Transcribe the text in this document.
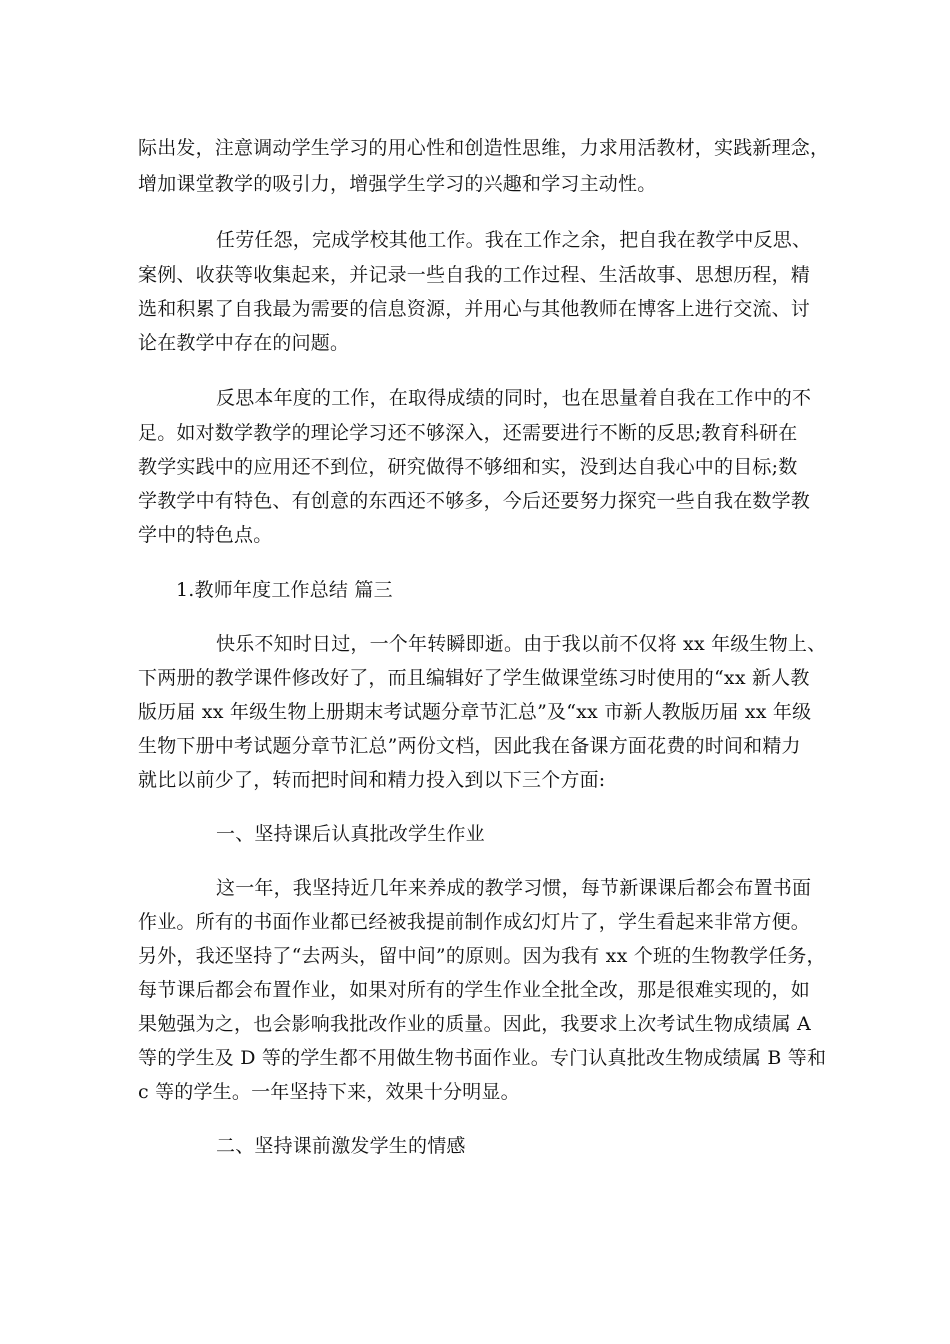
际出发，注意调动学生学习的用心性和创造性思维，力求用活教材，实践新理念，
增加课堂教学的吸引力，增强学生学习的兴趣和学习主动性。
任劳任怨，完成学校其他工作。我在工作之余，把自我在教学中反思、
案例、收获等收集起来，并记录一些自我的工作过程、生活故事、思想历程，精
选和积累了自我最为需要的信息资源，并用心与其他教师在博客上进行交流、讨
论在教学中存在的问题。
反思本年度的工作，在取得成绩的同时，也在思量着自我在工作中的不
足。如对数学教学的理论学习还不够深入，还需要进行不断的反思;教育科研在
教学实践中的应用还不到位，研究做得不够细和实，没到达自我心中的目标;数
学教学中有特色、有创意的东西还不够多，今后还要努力探究一些自我在数学教
学中的特色点。
1.教师年度工作总结 篇三
快乐不知时日过，一个年转瞬即逝。由于我以前不仅将 xx 年级生物上、
下两册的教学课件修改好了，而且编辑好了学生做课堂练习时使用的“xx 新人教
版历届 xx 年级生物上册期末考试题分章节汇总”及“xx 市新人教版历届 xx 年级
生物下册中考试题分章节汇总”两份文档，因此我在备课方面花费的时间和精力
就比以前少了，转而把时间和精力投入到以下三个方面:
一、坚持课后认真批改学生作业
这一年，我坚持近几年来养成的教学习惯，每节新课课后都会布置书面
作业。所有的书面作业都已经被我提前制作成幻灯片了，学生看起来非常方便。
另外，我还坚持了“去两头，留中间”的原则。因为我有 xx 个班的生物教学任务，
每节课后都会布置作业，如果对所有的学生作业全批全改，那是很难实现的，如
果勉强为之，也会影响我批改作业的质量。因此，我要求上次考试生物成绩属 A
等的学生及 D 等的学生都不用做生物书面作业。专门认真批改生物成绩属 B 等和
c 等的学生。一年坚持下来，效果十分明显。
二、坚持课前激发学生的情感
